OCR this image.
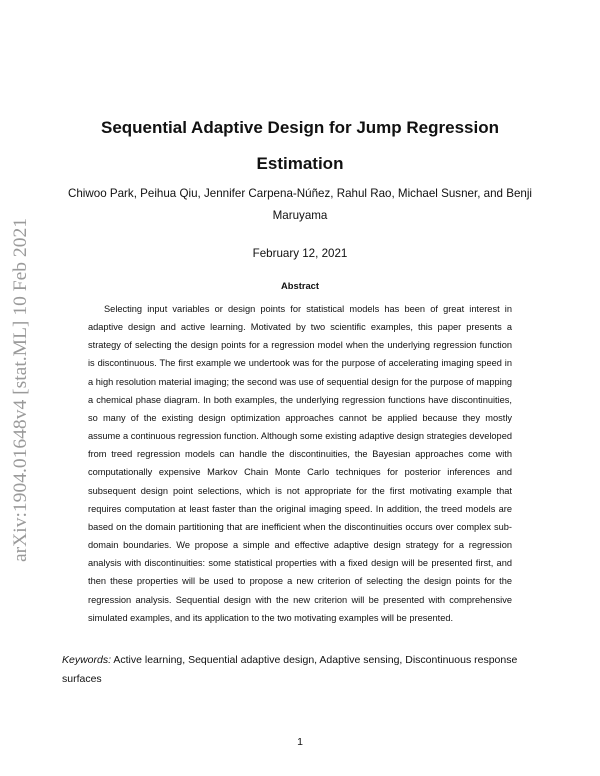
arXiv:1904.01648v4 [stat.ML] 10 Feb 2021
Sequential Adaptive Design for Jump Regression Estimation

Chiwoo Park, Peihua Qiu, Jennifer Carpena-Núñez, Rahul Rao, Michael Susner, and Benji Maruyama

February 12, 2021
Abstract

Selecting input variables or design points for statistical models has been of great interest in adaptive design and active learning. Motivated by two scientific examples, this paper presents a strategy of selecting the design points for a regression model when the underlying regression function is discontinuous. The first example we undertook was for the purpose of accelerating imaging speed in a high resolution material imaging; the second was use of sequential design for the purpose of mapping a chemical phase diagram. In both examples, the underlying regression functions have discontinuities, so many of the existing design optimization approaches cannot be applied because they mostly assume a continuous regression function. Although some existing adaptive design strategies developed from treed regression models can handle the discontinuities, the Bayesian approaches come with computationally expensive Markov Chain Monte Carlo techniques for posterior inferences and subsequent design point selections, which is not appropriate for the first motivating example that requires computation at least faster than the original imaging speed. In addition, the treed models are based on the domain partitioning that are inefficient when the discontinuities occurs over complex sub-domain boundaries. We propose a simple and effective adaptive design strategy for a regression analysis with discontinuities: some statistical properties with a fixed design will be presented first, and then these properties will be used to propose a new criterion of selecting the design points for the regression analysis. Sequential design with the new criterion will be presented with comprehensive simulated examples, and its application to the two motivating examples will be presented.

Keywords: Active learning, Sequential adaptive design, Adaptive sensing, Discontinuous response surfaces

1
